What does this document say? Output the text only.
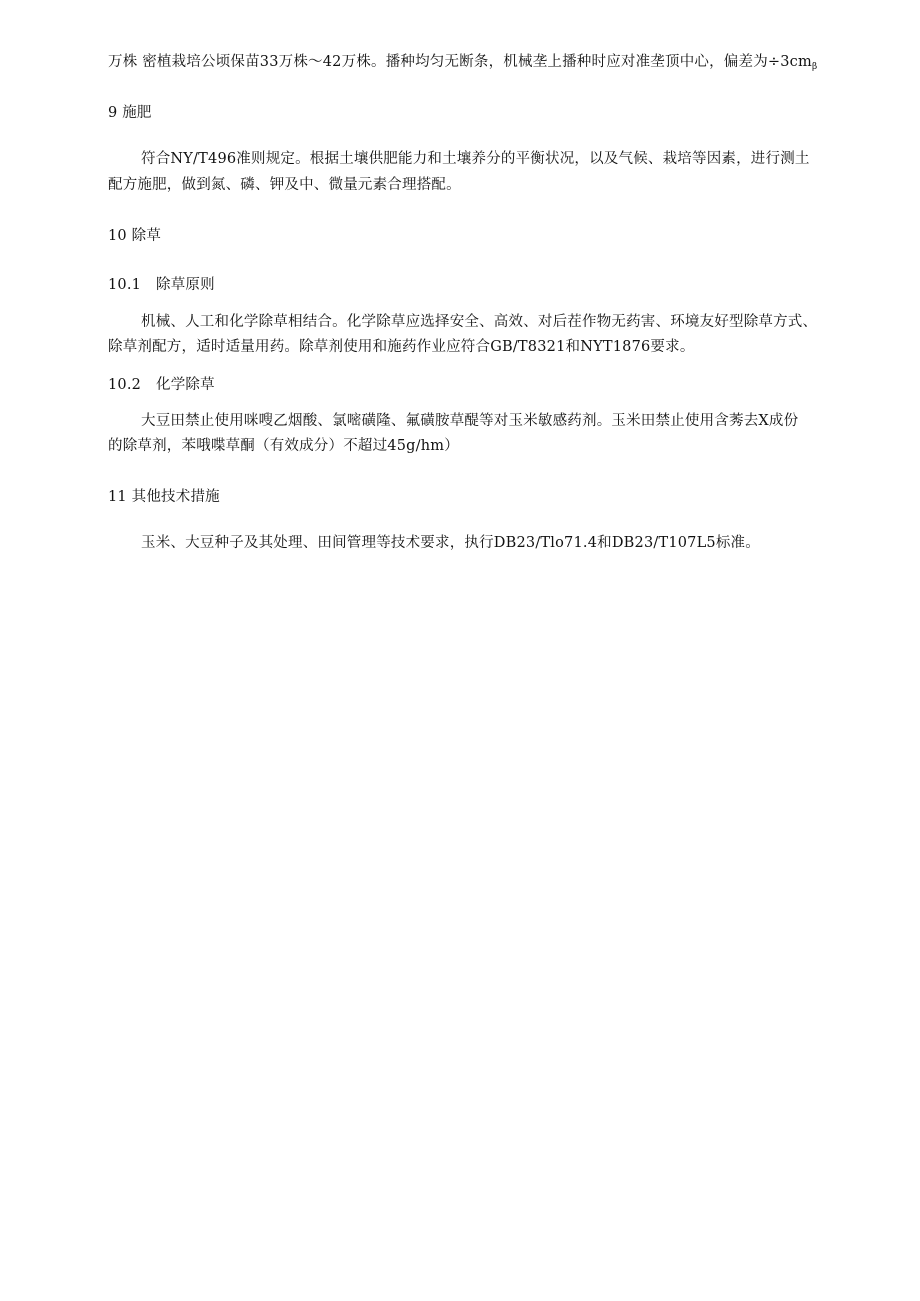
万株 密植栽培公顷保苗33万株～42万株。播种均匀无断条，机械垄上播种时应对准垄顶中心，偏差为$\div 3cm_\beta$
9 施肥
符合NY/T496准则规定。根据土壤供肥能力和土壤养分的平衡状况，以及气候、栽培等因素，进行测土
配方施肥，做到氮、磷、钾及中、微量元素合理搭配。
10 除草
10.1 除草原则
机械、人工和化学除草相结合。化学除草应选择安全、高效、对后茬作物无药害、环境友好型除草方式、
除草剂配方，适时适量用药。除草剂使用和施药作业应符合GB/T8321和NYT1876要求。
10.2 化学除草
大豆田禁止使用咪嗖乙烟酸、氯嘧磺隆、氟磺胺草醍等对玉米敏感药剂。玉米田禁止使用含莠去X成份
的除草剂，苯哦喋草酮（有效成分）不超过45g∕hm）
11 其他技术措施
玉米、大豆种子及其处理、田间管理等技术要求，执行DB23∕Tlo71.4和DB23/T107L5标准。
